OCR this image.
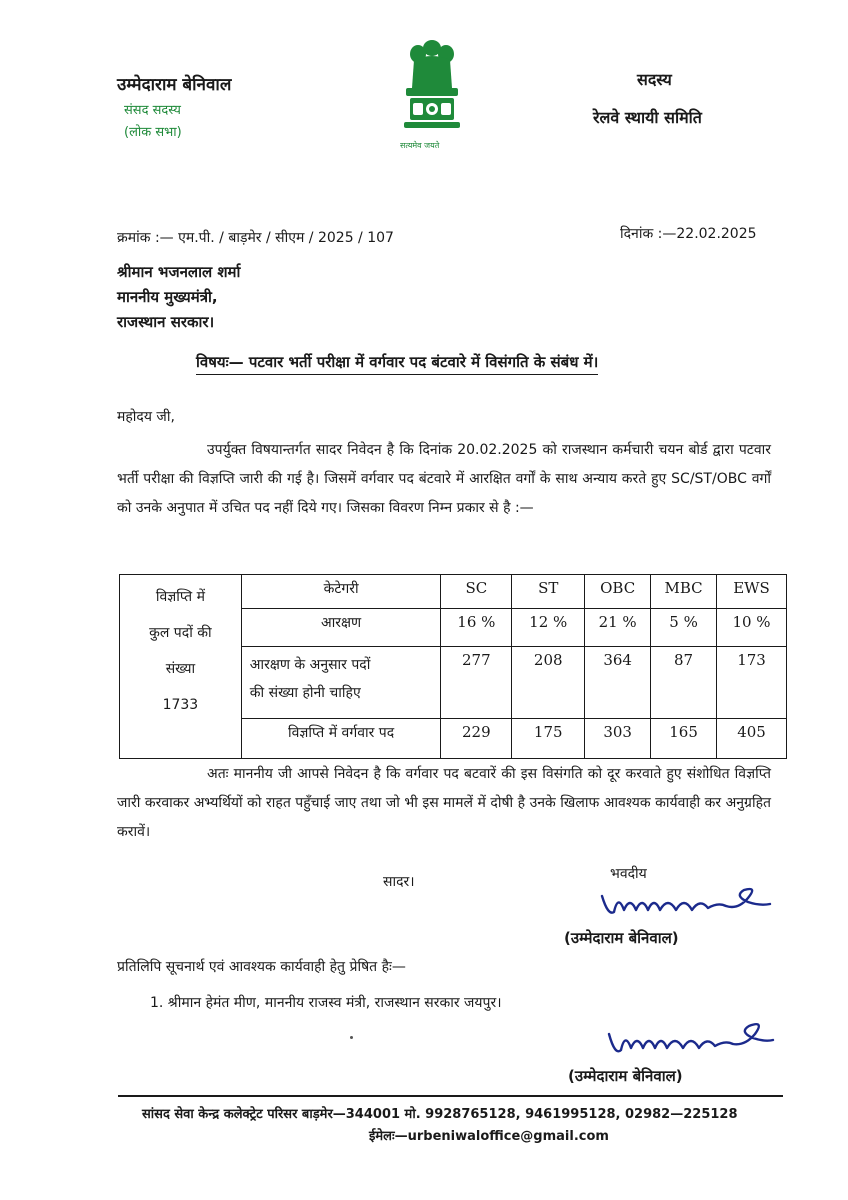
उम्मेदाराम बेनिवाल
संसद सदस्य
(लोक सभा)
सत्यमेव जयते
सदस्य
रेलवे स्थायी समिति
क्रमांक :— एम.पी. / बाड़मेर / सीएम / 2025 / 107	दिनांक :—22.02.2025
श्रीमान भजनलाल शर्मा
माननीय मुख्यमंत्री,
राजस्थान सरकार।
विषयः— पटवार भर्ती परीक्षा में वर्गवार पद बंटवारे में विसंगति के संबंध में।
महोदय जी,

उपर्युक्त विषयान्तर्गत सादर निवेदन है कि दिनांक 20.02.2025 को राजस्थान कर्मचारी चयन बोर्ड द्वारा पटवार भर्ती परीक्षा की विज्ञप्ति जारी की गई है। जिसमें वर्गवार पद बंटवारे में आरक्षित वर्गों के साथ अन्याय करते हुए SC/ST/OBC वर्गों को उनके अनुपात में उचित पद नहीं दिये गए। जिसका विवरण निम्न प्रकार से है :—

विज्ञप्ति में
कुल पदों की
संख्या
1733	केटेगरी	SC	ST	OBC	MBC	EWS
	आरक्षण	16 %	12 %	21 %	5 %	10 %

	आरक्षण के अनुसार पदों
की संख्या होनी चाहिए	277	208	364	87	173
	विज्ञप्ति में वर्गवार पद	229	175	303	165	405

अतः माननीय जी आपसे निवेदन है कि वर्गवार पद बटवारें की इस विसंगति को दूर करवाते हुए संशोधित विज्ञप्ति जारी करवाकर अभ्यर्थियों को राहत पहुँचाई जाए तथा जो भी इस मामलें में दोषी है उनके खिलाफ आवश्यक कार्यवाही कर अनुग्रहित करावें।

सादर।	भवदीय
(उम्मेदाराम बेनिवाल)
प्रतिलिपि सूचनार्थ एवं आवश्यक कार्यवाही हेतु प्रेषित हैः—
1. श्रीमान हेमंत मीण, माननीय राजस्व मंत्री, राजस्थान सरकार जयपुर।
(उम्मेदाराम बेनिवाल)
सांसद सेवा केन्द्र कलेक्ट्रेट परिसर बाड़मेर—344001 मो. 9928765128, 9461995128, 02982—225128
ईमेलः—urbeniwaloffice@gmail.com
